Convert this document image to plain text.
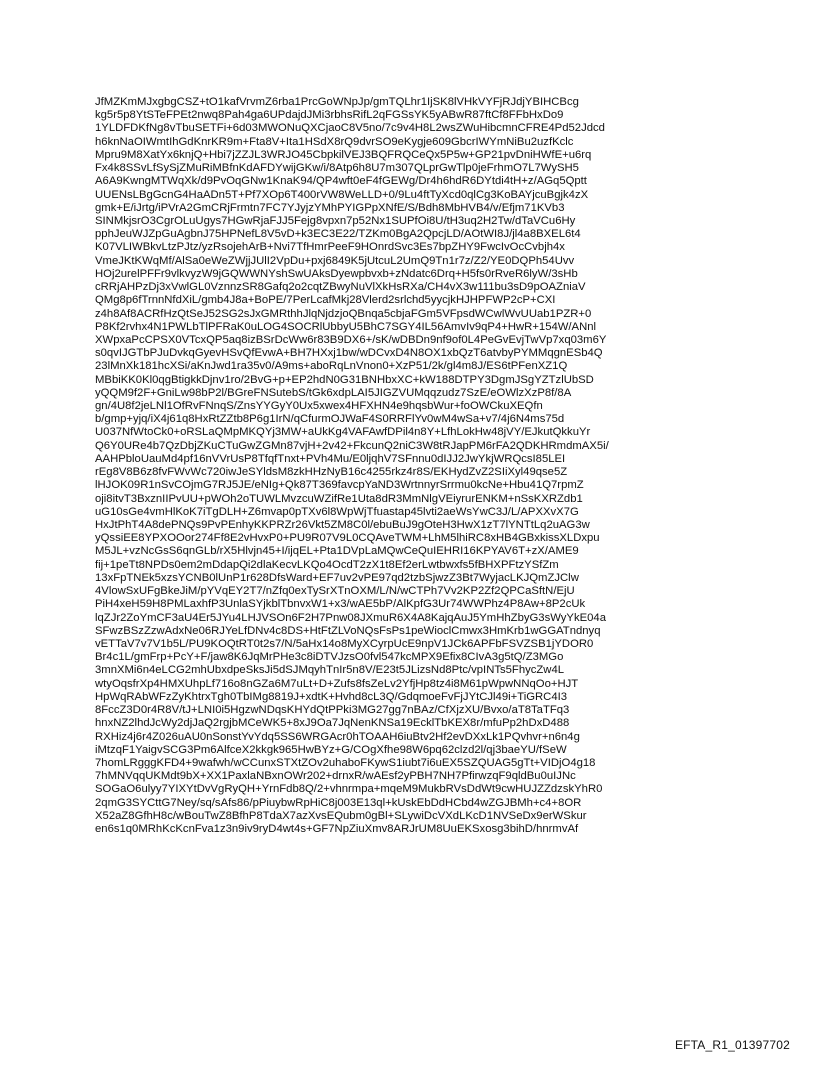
JfMZKmMJxgbgCSZ+tO1kafVrvmZ6rba1PrcGoWNpJp/gmTQLhr1IjSK8lVHkVYFjRJdjYBIHCBcg
kg5r5p8YtSTeFPEt2nwq8Pah4ga6UPdajdJMi3rbhsRifL2qFGSsYK5yABwR87ftCf8FFbHxDo9
1YLDFDKfNg8vTbuSETFi+6d03MWONuQXCjaoC8V5no/7c9v4H8L2wsZWuHibcmnCFRE4Pd52Jdcd
h6knNaOIWmtIhGdKnrKR9m+Fta8V+Ita1HSdX8rQ9dvrSO9eKygje609GbcrIWYmNiBu2uzfKclc
Mpru9M8XatYx6knjQ+Hbi7jZZJL3WRJO45CbpkilVEJ3BQFRQCeQx5P5w+GP21pvDniHWfE+u6rq
Fx4k8SSvLfSySjZMuRiMBfnKdAFDYwijGKw/i/8Atp6h8U7m307QLprGwTlp0jeFrhmO7L7WySH5
A6A9KwngMTWqXk/d9PvOqGNw1KnaK94/QP4wft0eF4fGEWg/Dr4h6hdR6DYtdi4tH+z/AGq5Qptt
UUENsLBgGcnG4HaADn5T+Pf7XOp6T400rVW8WeLLD+0/9Lu4ftTyXcd0qlCg3KoBAYjcuBgjk4zX
gmk+E/iJrtg/iPVrA2GmCRjFrmtn7FC7YJyjzYMhPYIGPpXNfE/S/Bdh8MbHVB4/v/Efjm71KVb3
SINMkjsrO3CgrOLuUgys7HGwRjaFJJ5Fejg8vpxn7p52Nx1SUPfOi8U/tH3uq2H2Tw/dTaVCu6Hy
pphJeuWJZpGuAgbnJ75HPNefL8V5vD+k3EC3E22/TZKm0BgA2QpcjLD/AOtWI8J/jl4a8BXEL6t4
K07VLIWBkvLtzPJtz/yzRsojehArB+Nvi7TfHmrPeeF9HOnrdSvc3Es7bpZHY9FwcIvOcCvbjh4x
VmeJKtKWqMf/AlSa0eWeZWjjJUlI2VpDu+pxj6849K5jUtcuL2UmQ9Tn1r7z/Z2/YE0DQPh54Uvv
HOj2urelPFFr9vlkvyzW9jGQWWNYshSwUAksDyewpbvxb+zNdatc6Drq+H5fs0rRveR6lyW/3sHb
cRRjAHPzDj3xVwlGL0VznnzSR8Gafq2o2cqtZBwyNuVlXkHsRXa/CH4vX3w111bu3sD9pOAZniaV
QMg8p6fTrnnNfdXiL/gmb4J8a+BoPE/7PerLcafMkj28Vlerd2srlchd5yycjkHJHPFWP2cP+CXI
z4h8Af8ACRfHzQtSeJ52SG2sJxGMRthhJlqNjdzjoQBnqa5cbjaFGm5VFpsdWCwlWvUUab1PZR+0
P8Kf2rvhx4N1PWLbTlPFRaK0uLOG4SOCRlUbbyU5BhC7SGY4IL56AmvIv9qP4+HwR+154W/ANnl
XWpxaPcCPSX0VTcxQP5aq8izBSrDcWw6r83B9DX6+/sK/wDBDn9nf9of0L4PeGvEvjTwVp7xq03m6Y
s0qvIJGTbPJuDvkqGyevHSvQfEvwA+BH7HXxj1bw/wDCvxD4N8OX1xbQzT6atvbyPYMMqgnESb4Q
23lMnXk181hcXSi/aKnJwd1ra35v0/A9ms+aboRqLnVnon0+XzP51/2k/gl4m8J/ES6tPFenXZ1Q
MBbiKK0Kl0qgBtigkkDjnv1ro/2BvG+p+EP2hdN0G31BNHbxXC+kW188DTPY3DgmJSgYZTzlUbSD
yQQM9f2F+GniLw98bP2l/BGreFNSutebS/tGk6xdpLAI5JIGZVUMqqzudz7SzE/eOWlzXzP8f/8A
gn/4U8f2jeLNl1OfRvFNnqS/ZnsYYGyY0Ux5xwex4HFXHN4e9hqsbWur+foOWCkuXEQfn
b/gmp+yjq/iX4j61q8HxRtZZtb8P6g1IrN/qCfurmOJWaF4S0RRFlYv0wM4wSa+v7/4j6N4ms75d
U037NfWtoCk0+oRSLaQMpMKQYj3MW+aUkKg4VAFAwfDPil4n8Y+LfhLokHw48jVY/EJkutQkkuYr
Q6Y0URe4b7QzDbjZKuCTuGwZGMn87vjH+2v42+FkcunQ2niC3W8tRJapPM6rFA2QDKHRmdmAX5i/
AAHPbloUauMd4pf16nVVrUsP8TfqfTnxt+PVh4Mu/E0ljqhV7SFnnu0dIJJ2JwYkjWRQcsI85LEI
rEg8V8B6z8fvFWvWc720iwJeSYldsM8zkHHzNyB16c4255rkz4r8S/EKHydZvZ2SIiXyl49qse5Z
lHJOK09R1nSvCOjmG7RJ5JE/eNIg+Qk87T369favcpYaND3WrtnnyrSrrmu0kcNe+Hbu41Q7rpmZ
oji8itvT3BxznIIPvUU+pWOh2oTUWLMvzcuWZifRe1Uta8dR3MmNlgVEiyrurENKM+nSsKXRZdb1
uG10sGe4vmHlKoK7iTgDLH+Z6mvap0pTXv6l8WpWjTfuastap45lvti2aeWsYwC3J/L/APXXvX7G
HxJtPhT4A8dePNQs9PvPEnhyKKPRZr26Vkt5ZM8C0l/ebuBuJ9gOteH3HwX1zT7lYNTtLq2uAG3w
yQssiEE8YPXOOor274Ff8E2vHvxP0+PU9R07V9L0CQAveTWM+LhM5lhiRC8xHB4GBxkissXLDxpu
M5JL+vzNcGsS6qnGLb/rX5Hlvjn45+I/ijqEL+Pta1DVpLaMQwCeQuIEHRI16KPYAV6T+zX/AME9
fij+1peTt8NPDs0em2mDdapQi2dlaKecvLKQo4OcdT2zX1t8Ef2erLwtbwxfs5fBHXPFtzYSfZm
13xFpTNEk5xzsYCNB0lUnP1r628DfsWard+EF7uv2vPE97qd2tzbSjwzZ3Bt7WyjacLKJQmZJClw
4VlowSxUFgBkeJiM/pYVqEY2T7/nZfq0exTySrXTnOXM/L/N/wCTPh7Vv2KP2Zf2QPCaSftN/EjU
PiH4xeH59H8PMLaxhfP3UnlaSYjkblTbnvxW1+x3/wAE5bP/AlKpfG3Ur74WWPhz4P8Aw+8P2cUk
lqZJr2ZoYmCF3aU4Er5JYu4LHJVSOn6F2H7Pnw08JXmuR6X4A8KajqAuJ5YmHhZbyG3sWyYkE04a
SFwzBSzZzwAdxNe06RJYeLfDNv4c8DS+HtFtZLVoNQsFsPs1peWioclCmwx3HmKrb1wGGATndnyq
vETTaV7v7V1b5L/PU9KOQtRT0t2s7/N/5aHx14o8MyXCyrpUcE9npV1JCk6APFbFSVZSB1jYDOR0
Br4c1L/gmFrp+PcY+F/jaw8K6JqMrPHe3c8iDTVJzsO0fvl547kcMPX9Efix8CIvA3g5tQ/Z3MGo
3mnXMi6n4eLCG2mhUbxdpeSksJi5dSJMqyhTnIr5n8V/E23t5JLizsNd8Ptc/vpINTs5FhycZw4L
wtyOqsfrXp4HMXUhpLf716o8nGZa6M7uLt+D+Zufs8fsZeLv2YfjHp8tz4i8M61pWpwNNqOo+HJT
HpWqRAbWFzZyKhtrxTgh0TbIMg8819J+xdtK+Hvhd8cL3Q/GdqmoeFvFjJYtCJl49i+TiGRC4I3
8FccZ3D0r4R8V/tJ+LNI0i5HgzwNDqsKHYdQtPPki3MG27gg7nBAz/CfXjzXU/Bvxo/aT8TaTFq3
hnxNZ2lhdJcWy2djJaQ2rgjbMCeWK5+8xJ9Oa7JqNenKNSa19EcklTbKEX8r/mfuPp2hDxD488
RXHiz4j6r4Z026uAU0nSonstYvYdq5SS6WRGAcr0hTOAAH6iuBtv2Hf2evDXxLk1PQvhvr+n6n4g
iMtzqF1YaigvSCG3Pm6AlfceX2kkgk965HwBYz+G/COgXfhe98W6pq62clzd2l/qj3baeYU/fSeW
7homLRgggKFD4+9wafwh/wCCunxSTXtZOv2uhaboFKywS1iubt7i6uEX5SZQUAG5gTt+VIDjO4g18
7hMNVqqUKMdt9bX+XX1PaxlaNBxnOWr202+drnxR/wAEsf2yPBH7NH7PfirwzqF9qldBu0uIJNc
SOGaO6ulyy7YIXYtDvVgRyQH+YrnFdb8Q/2+vhnrmpa+mqeM9MukbRVsDdWt9cwHUJZZdzskYhR0
2qmG3SYCttG7Ney/sq/sAfs86/pPiuybwRpHiC8j003E13ql+kUskEbDdHCbd4wZGJBMh+c4+8OR
X52aZ8GfhH8c/wBouTwZ8BfhP8TdaX7azXvsEQubm0gBl+SLywiDcVXdLKcD1NVSeDx9erWSkur
en6s1q0MRhKcKcnFva1z3n9iv9ryD4wt4s+GF7NpZiuXmv8ARJrUM8UuEKSxosg3bihD/hnrmvAf
EFTA_R1_01397702
